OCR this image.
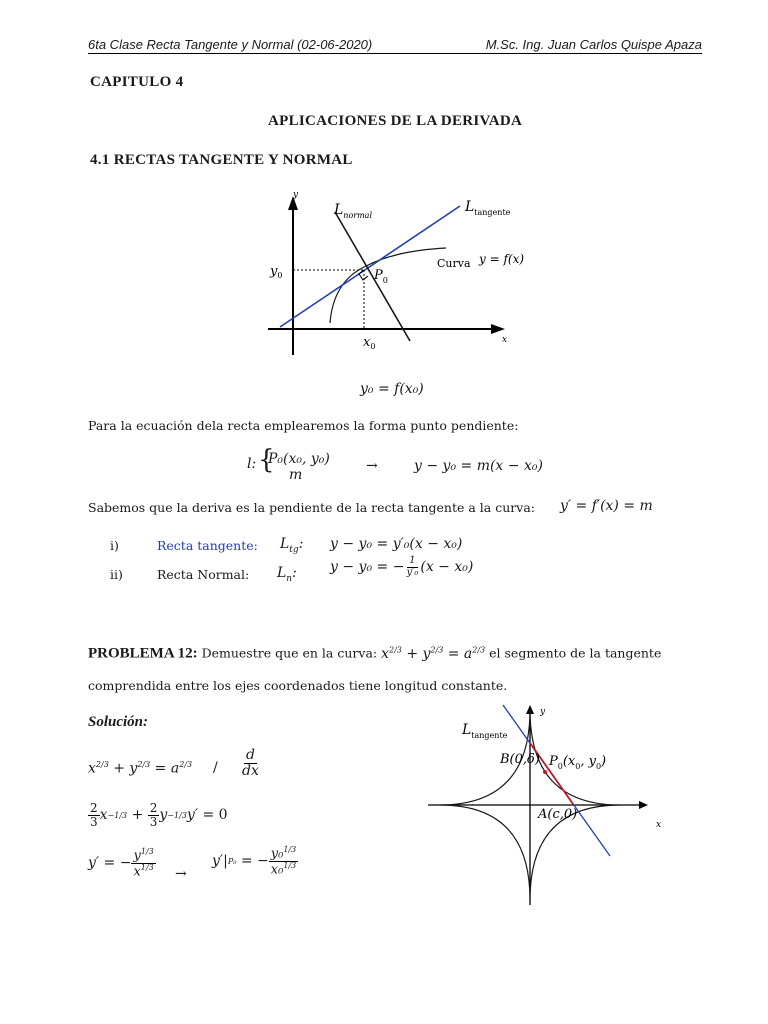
6ta Clase Recta Tangente y Normal (02-06-2020)	M.Sc. Ing. Juan Carlos Quispe Apaza
CAPITULO 4
APLICACIONES DE LA DERIVADA
4.1 RECTAS TANGENTE Y NORMAL
y
x
$L_{normal}$
$L_{tangente}$
Curva y = f(x)
$y_0$
$x_0$
$P_0$
y₀ = f(x₀)
Para la ecuación dela recta emplearemos la forma punto pendiente:
l: {
P₀(x₀, y₀)
m
→	y − y₀ = m(x − x₀)
Sabemos que la deriva es la pendiente de la recta tangente a la curva: y′ = f′(x) = m
i)	Recta tangente: $L_{tg}$: y − y₀ = y′₀(x − x₀)
ii)	Recta Normal: $L_n$: y − y₀ = − $\frac{1}{\text{y′₀}} (x - x_0)$
PROBLEMA 12: Demuestre que en la curva: $x^{2/3} + y^{2/3} = a^{2/3}$ el segmento de la tangente
comprendida entre los ejes coordenados tiene longitud constante.
Solución:
$x^{2/3} + y^{2/3} = a^{2/3} / \frac{d}{dx}$
$\frac{2}{3}$ $x -1/3 + \frac{2}{3}$ y −1/3 y′ = 0
y′ = − $\frac{y^{1/3}}{x^{1/3}}$ →
y′| P₀ = − $\frac{y_0^{1/3}}{x_0^{1/3}}$
y
x
$L_{tangente}$
B(0,δ) $P_0(x_0$, $y_0$)
A(c,0)
